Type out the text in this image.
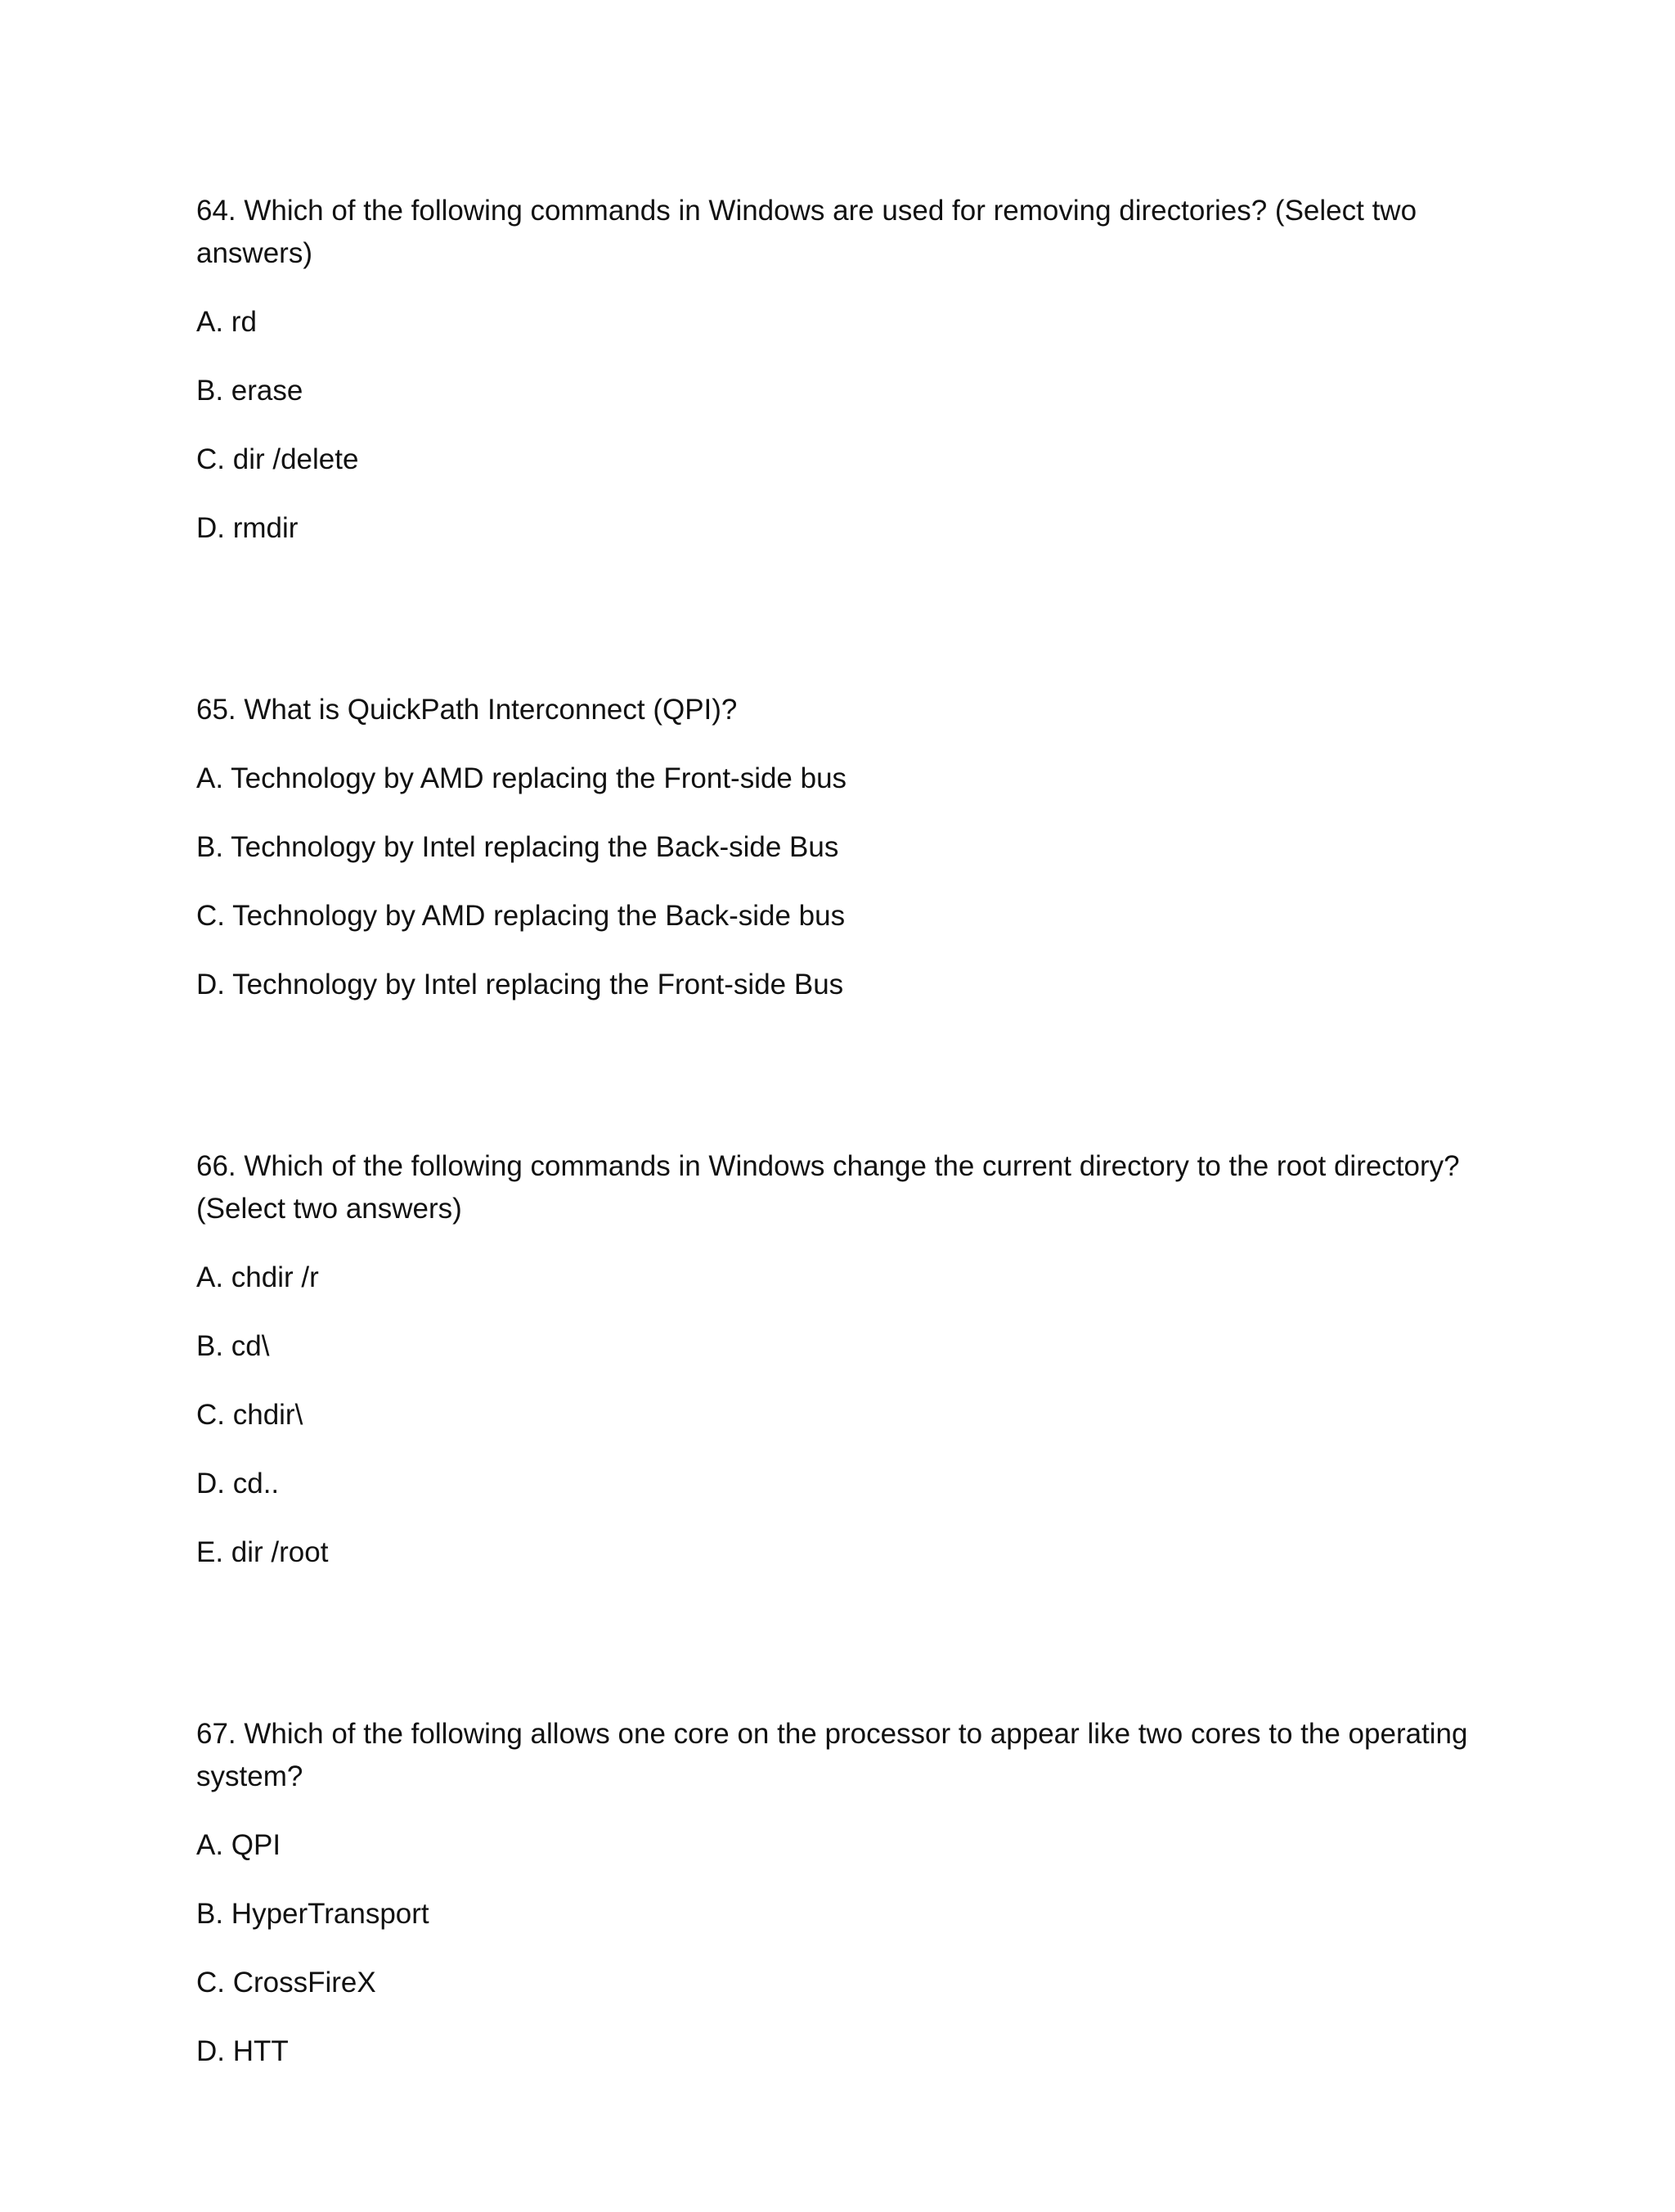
64. Which of the following commands in Windows are used for removing directories? (Select two answers)
A. rd
B. erase
C. dir /delete
D. rmdir
65. What is QuickPath Interconnect (QPI)?
A. Technology by AMD replacing the Front-side bus
B. Technology by Intel replacing the Back-side Bus
C. Technology by AMD replacing the Back-side bus
D. Technology by Intel replacing the Front-side Bus
66. Which of the following commands in Windows change the current directory to the root directory? (Select two answers)
A. chdir /r
B. cd\
C. chdir\
D. cd..
E. dir /root
67. Which of the following allows one core on the processor to appear like two cores to the operating system?
A. QPI
B. HyperTransport
C. CrossFireX
D. HTT
